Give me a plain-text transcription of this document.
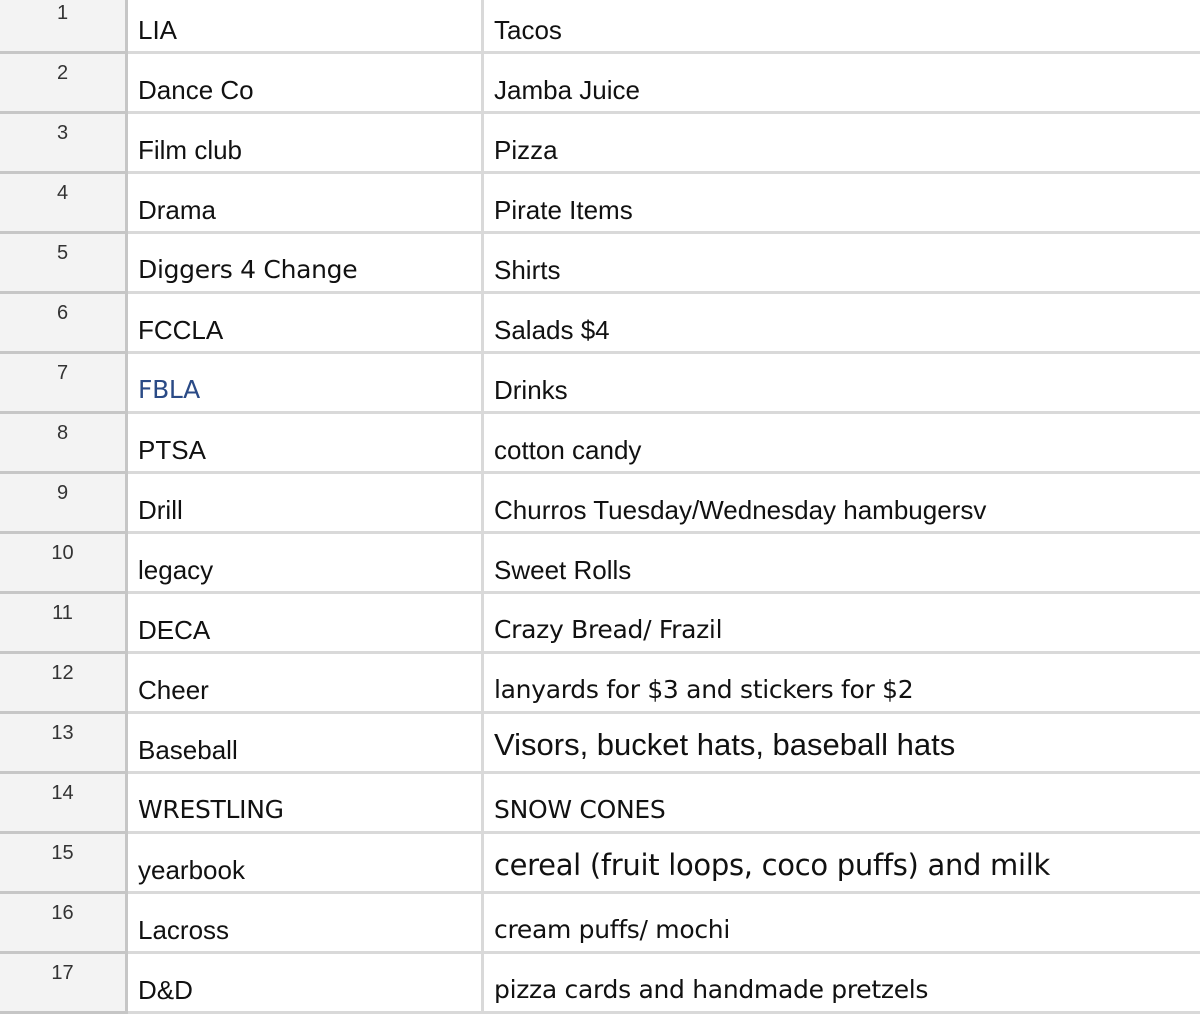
1
LIA	Tacos
2
Dance Co	Jamba Juice
3
Film club	Pizza
4
Drama	Pirate Items
5
Diggers 4 Change	Shirts
6
FCCLA	Salads $4
7
FBLA	Drinks
8
PTSA	cotton candy
9
Drill	Churros Tuesday/Wednesday hambugersv
10
legacy	Sweet Rolls
11
DECA	Crazy Bread/ Frazil
12
Cheer	lanyards for $3 and stickers for $2
13
Baseball	Visors, bucket hats, baseball hats
14
WRESTLING	SNOW CONES
15
yearbook	cereal (fruit loops, coco puffs) and milk
16
Lacross	cream puffs/ mochi
17
D&D	pizza cards and handmade pretzels
